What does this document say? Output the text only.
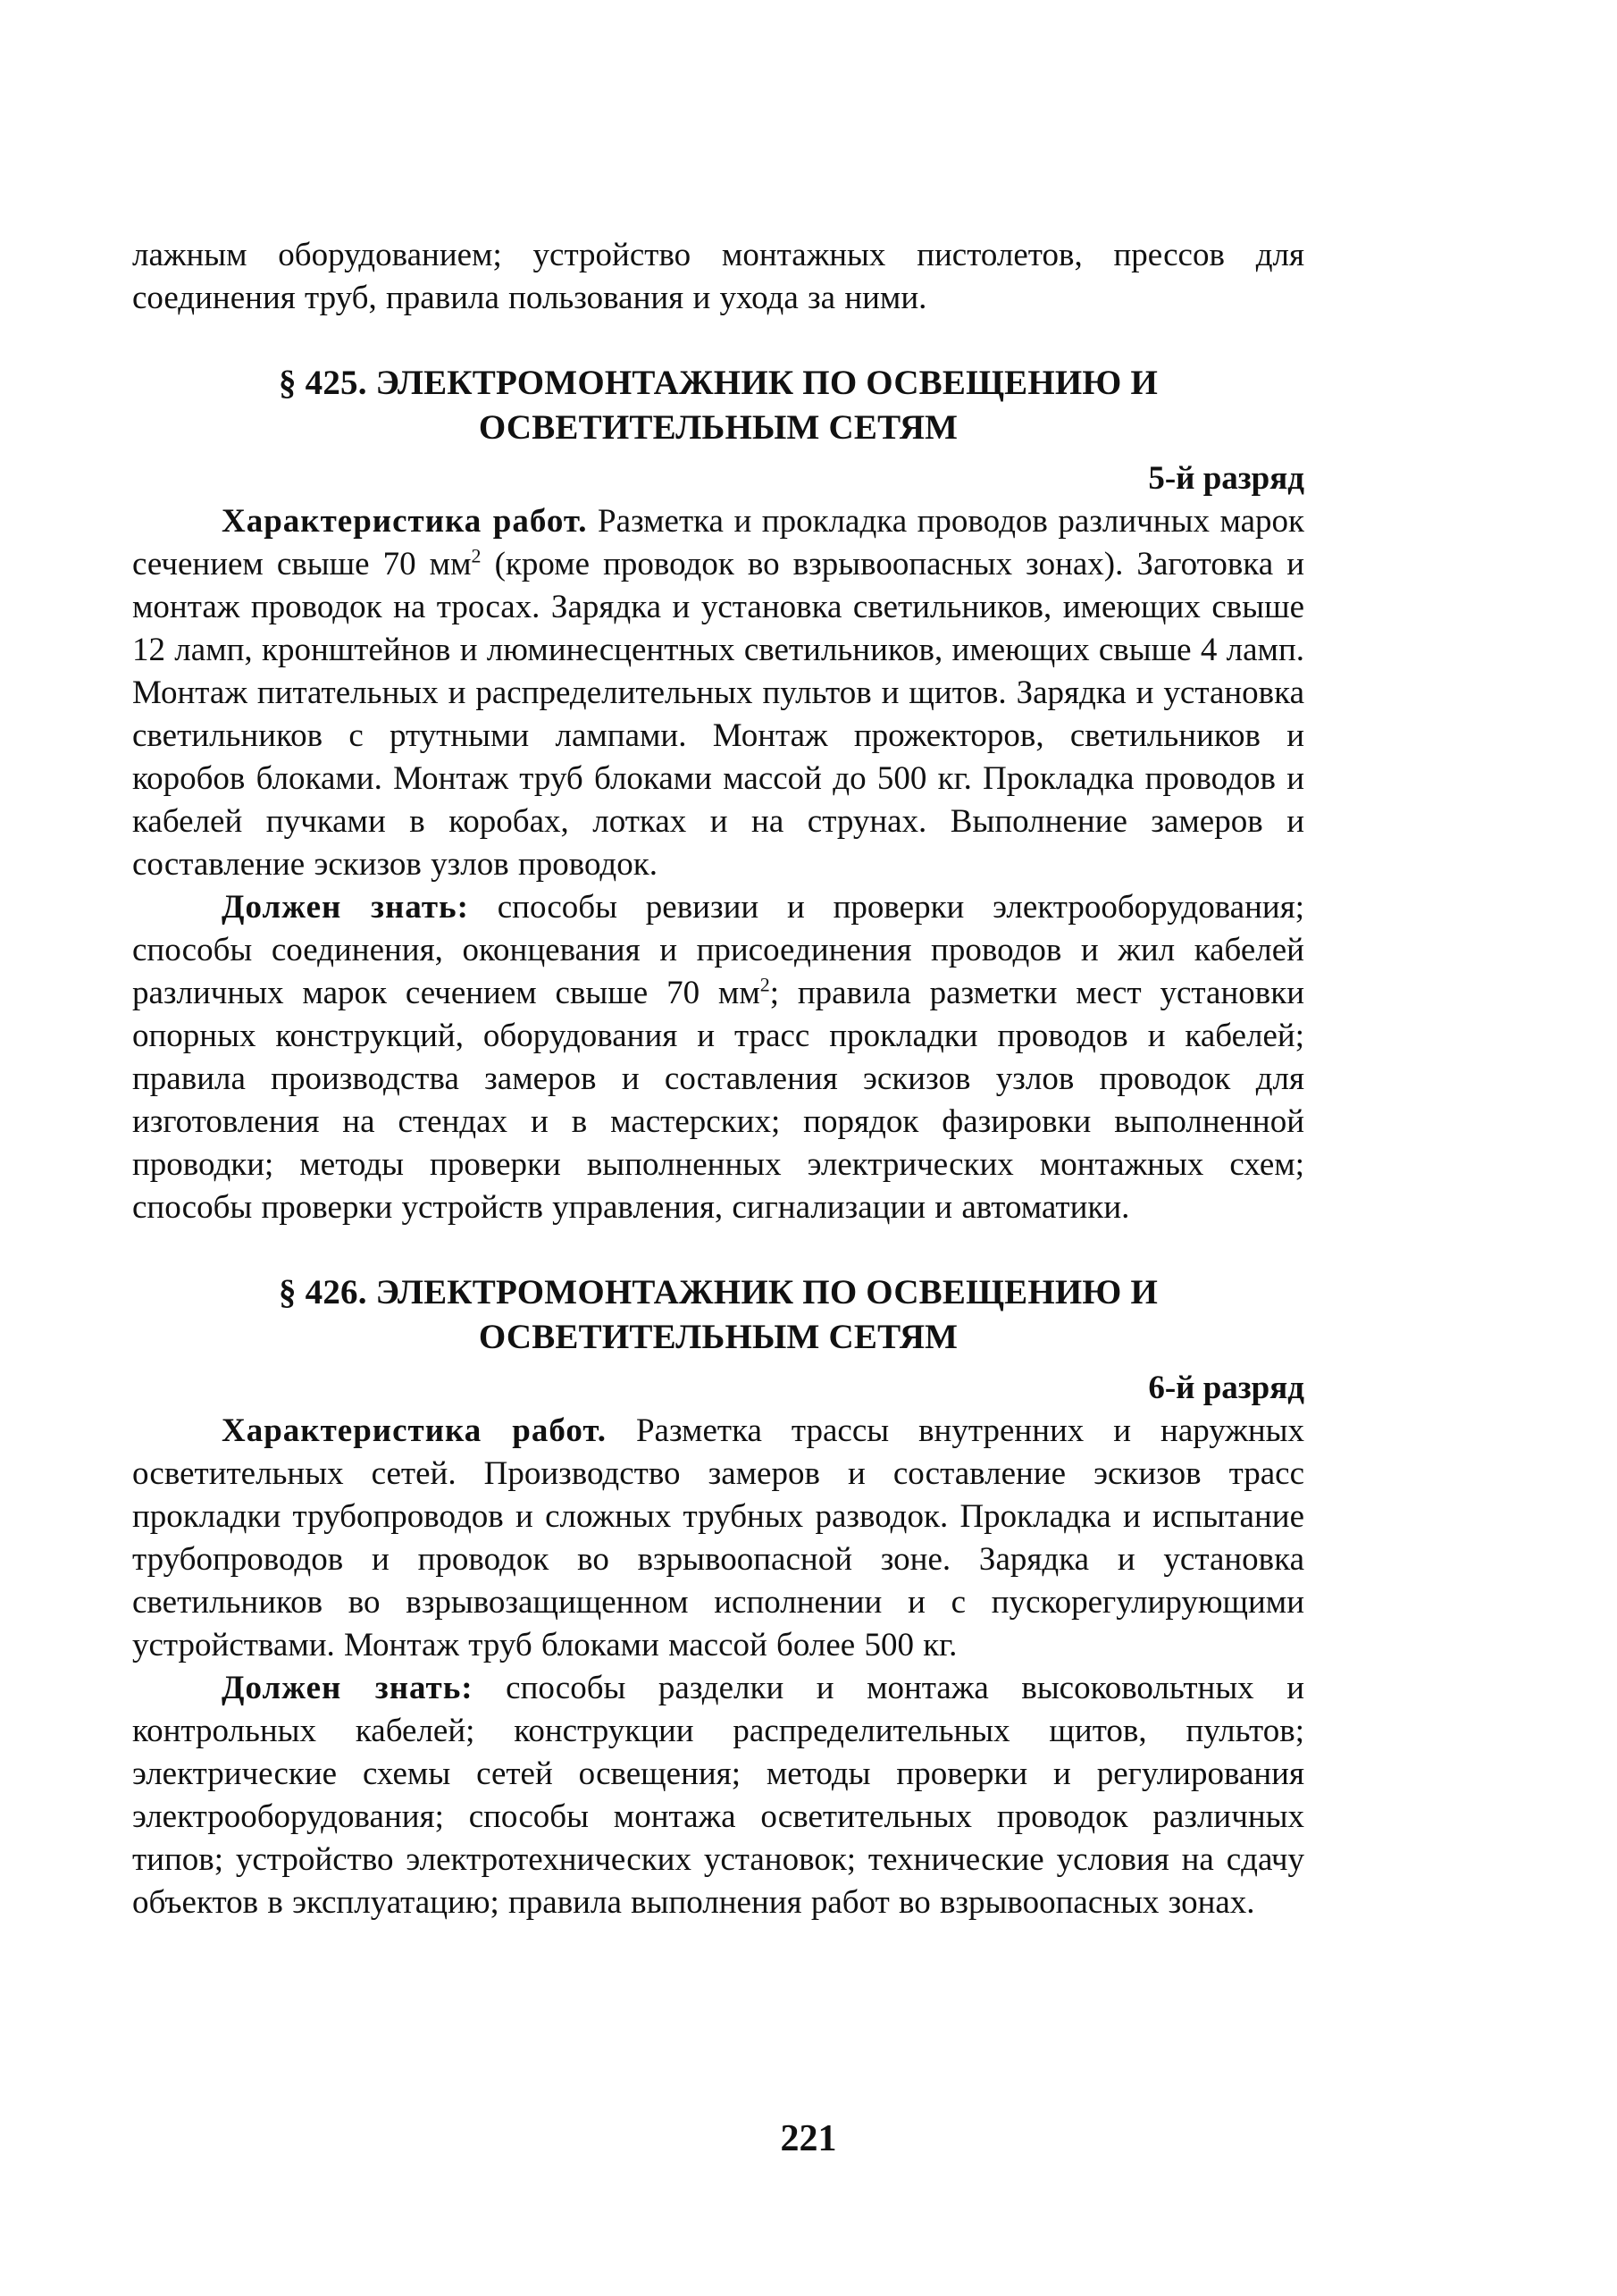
лажным оборудованием; устройство монтажных пистолетов, прессов для соединения труб, правила пользования и ухода за ними.

§ 425. ЭЛЕКТРОМОНТАЖНИК ПО ОСВЕЩЕНИЮ И
ОСВЕТИТЕЛЬНЫМ СЕТЯМ
5-й разряд

Характеристика работ. Разметка и прокладка проводов различных марок сечением свыше 70 $мм^2$ (кроме проводок во взрывоопасных зонах). Заготовка и монтаж проводок на тросах. Зарядка и установка светильников, имеющих свыше 12 ламп, кронштейнов и люминесцентных светильников, имеющих свыше 4 ламп. Монтаж питательных и распределительных пультов и щитов. Зарядка и установка светильников с ртутными лампами. Монтаж прожекторов, светильников и коробов блоками. Монтаж труб блоками массой до 500 кг. Прокладка проводов и кабелей пучками в коробах, лотках и на струнах. Выполнение замеров и составление эскизов узлов проводок.

Должен знать: способы ревизии и проверки электрооборудования; способы соединения, оконцевания и присоединения проводов и жил кабелей различных марок сечением свыше 70 $мм^2$; правила разметки мест установки опорных конструкций, оборудования и трасс прокладки проводов и кабелей; правила производства замеров и составления эскизов узлов проводок для изготовления на стендах и в мастерских; порядок фазировки выполненной проводки; методы проверки выполненных электрических монтажных схем; способы проверки устройств управления, сигнализации и автоматики.

§ 426. ЭЛЕКТРОМОНТАЖНИК ПО ОСВЕЩЕНИЮ И
ОСВЕТИТЕЛЬНЫМ СЕТЯМ
6-й разряд

Характеристика работ. Разметка трассы внутренних и наружных осветительных сетей. Производство замеров и составление эскизов трасс прокладки трубопроводов и сложных трубных разводок. Прокладка и испытание трубопроводов и проводок во взрывоопасной зоне. Зарядка и установка светильников во взрывозащищенном исполнении и с пускорегулирующими устройствами. Монтаж труб блоками массой более 500 кг.

Должен знать: способы разделки и монтажа высоковольтных и контрольных кабелей; конструкции распределительных щитов, пультов; электрические схемы сетей освещения; методы проверки и регулирования электрооборудования; способы монтажа осветительных проводок различных типов; устройство электротехнических установок; технические условия на сдачу объектов в эксплуатацию; правила выполнения работ во взрывоопасных зонах.

221
